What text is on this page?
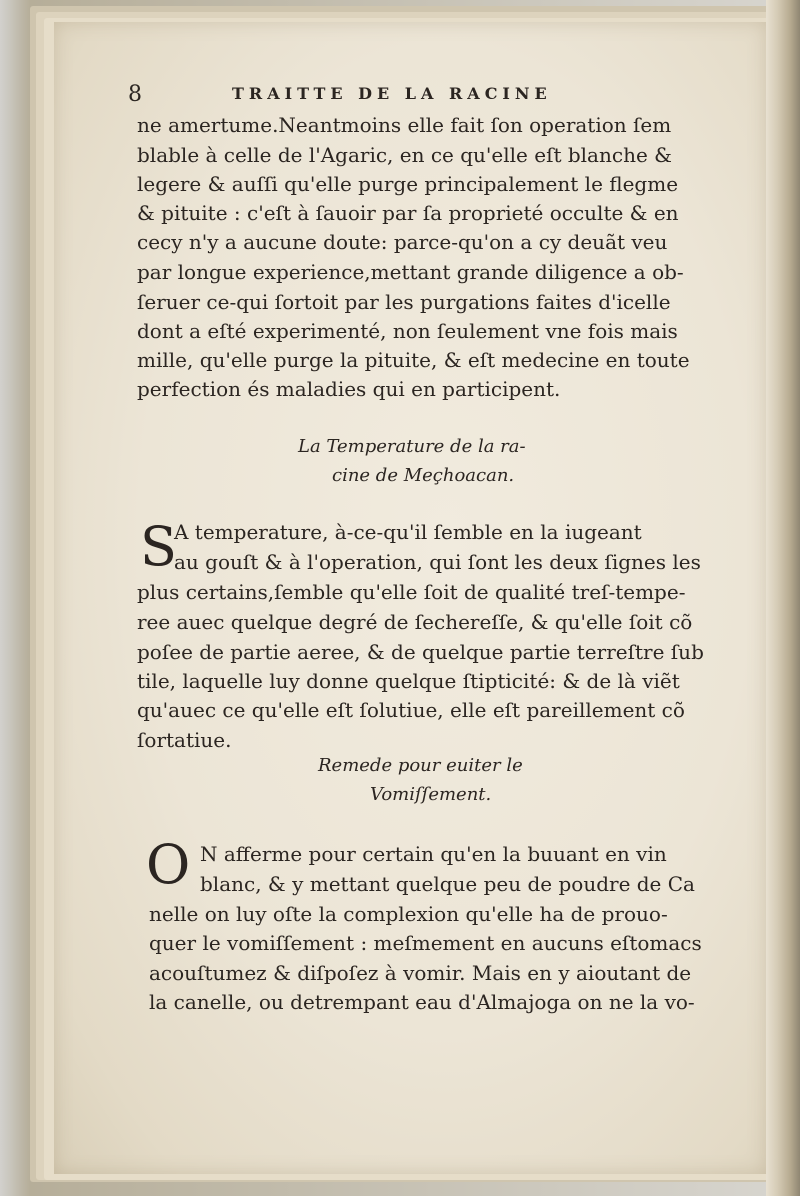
8	TRAITTE DE LA RACINE
ne amertume.Neantmoins elle fait ſon operation ſem
blable à celle de l'Agaric, en ce qu'elle eſt blanche &
legere & auſſi qu'elle purge principalement le flegme
& pituite : c'eſt à ſauoir par ſa proprieté occulte & en
cecy n'y a aucune doute: parce-qu'on a cy deuãt veu
par longue experience,mettant grande diligence a ob-
ſeruer ce-qui ſortoit par les purgations faites d'icelle
dont a eſté experimenté, non ſeulement vne fois mais
mille, qu'elle purge la pituite, & eſt medecine en toute
perfection és maladies qui en participent.
La Temperature de la ra-
cine de Meçhoacan.
S
A temperature, à-ce-qu'il ſemble en la iugeant
au gouſt & à l'operation, qui ſont les deux ſignes les
plus certains,ſemble qu'elle ſoit de qualité treſ-tempe-
ree auec quelque degré de ſechereſſe, & qu'elle ſoit cõ
poſee de partie aeree, & de quelque partie terreſtre ſub
tile, laquelle luy donne quelque ſtipticité: & de là viẽt
qu'auec ce qu'elle eſt ſolutiue, elle eſt pareillement cõ
ſortatiue.
Remede pour euiter le
Vomiſſement.
O N afferme pour certain qu'en la buuant en vin
blanc, & y mettant quelque peu de poudre de Ca
nelle on luy oſte la complexion qu'elle ha de prouo-
quer le vomiſſement : meſmement en aucuns eſtomacs
acouſtumez & diſpoſez à vomir. Mais en y aioutant de
la canelle, ou detrempant eau d'Almajoga on ne la vo-
